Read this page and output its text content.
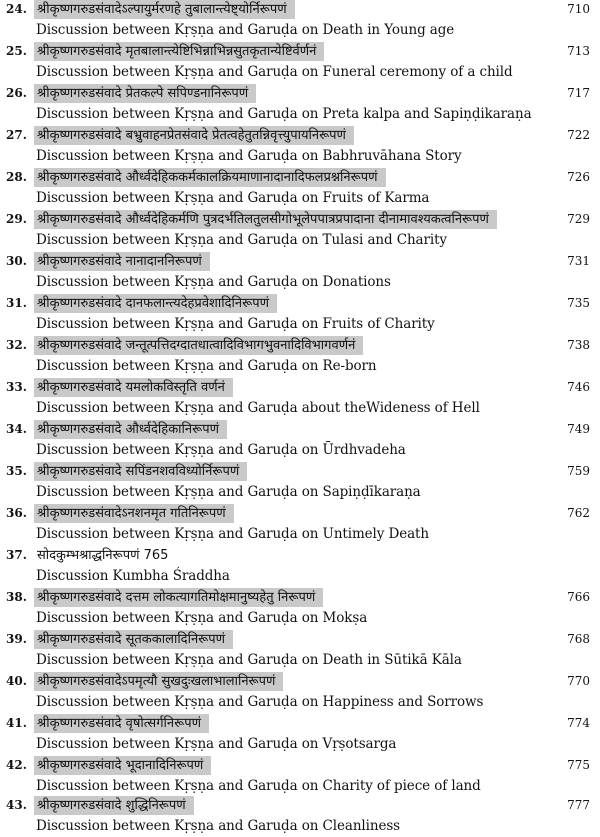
24. श्रीकृष्णगरुडसंवादेऽल्पायुर्मरणहे तुबालान्त्येष्ट्योर्निरूपणं	710
Discussion between Kṛṣṇa and Garuḍa on Death in Young age
25. श्रीकृष्णगरुडसंवादे मृतबालान्त्येष्टिभिन्नाभिन्नसुतकृतान्येष्टिर्वर्णनं	713
Discussion between Kṛṣṇa and Garuḍa on Funeral ceremony of a child
26. श्रीकृष्णगरुडसंवादे प्रेतकल्पे सपिण्डनानिरूपणं	717
Discussion between Kṛṣṇa and Garuḍa on Preta kalpa and Sapiṇḍikaraṇa
27. श्रीकृष्णगरुडसंवादे बभ्रुवाहनप्रेतसंवादे प्रेतत्वहेतुतन्निवृत्त्युपायनिरूपणं	722
Discussion between Kṛṣṇa and Garuḍa on Babhruvāhana Story
28. श्रीकृष्णगरुडसंवादे और्ध्वदेहिककर्मकालक्रियमाणानादानादिफलप्रश्ननिरूपणं	726
Discussion between Kṛṣṇa and Garuḍa on Fruits of Karma
29. श्रीकृष्णगरुडसंवादे और्ध्वदेहिकर्मणि पुत्रदर्भतिलतुलसीगोभूलेपपात्रप्रपादाना दीनामावश्यकत्वनिरूपणं	729
Discussion between Kṛṣṇa and Garuḍa on Tulasi and Charity
30. श्रीकृष्णगरुडसंवादे नानादाननिरूपणं	731
Discussion between Kṛṣṇa and Garuḍa on Donations
31. श्रीकृष्णगरुडसंवादे दानफलान्त्यदेहप्रवेशादिनिरूपणं	735
Discussion between Kṛṣṇa and Garuḍa on Fruits of Charity
32. श्रीकृष्णगरुडसंवादे जन्तूत्पत्तिदग्दातधात्वादिविभागभुवनादिविभागवर्णनं	738
Discussion between Kṛṣṇa and Garuḍa on Re-born
33. श्रीकृष्णगरुडसंवादे यमलोकविस्तृति वर्णनं	746
Discussion between Kṛṣṇa and Garuḍa about theWideness of Hell
34. श्रीकृष्णगरुडसंवादे और्ध्वदेहिकानिरूपणं	749
Discussion between Kṛṣṇa and Garuḍa on Ūrdhvadeha
35. श्रीकृष्णगरुडसंवादे सपिंडनशवविध्योर्निरूपणं	759
Discussion between Kṛṣṇa and Garuḍa on Sapiṇḍīkaraṇa
36. श्रीकृष्णगरुडसंवादेऽनशनमृत गतिनिरूपणं	762
Discussion between Kṛṣṇa and Garuḍa on Untimely Death
37. सोदकुम्भश्राद्धनिरूपणं 765
Discussion Kumbha Śraddha
38. श्रीकृष्णगरुडसंवादे दत्तम लोकत्यागतिमोक्षमानुष्यहेतु निरूपणं	766
Discussion between Kṛṣṇa and Garuḍa on Mokṣa
39. श्रीकृष्णगरुडसंवादे सूतककालादिनिरूपणं	768
Discussion between Kṛṣṇa and Garuḍa on Death in Sūtikā Kāla
40. श्रीकृष्णगरुडसंवादेऽपमृत्यौ सुखदुःखलाभालानिरूपणं	770
Discussion between Kṛṣṇa and Garuḍa on Happiness and Sorrows
41. श्रीकृष्णगरुडसंवादे वृषोत्सर्गनिरूपणं	774
Discussion between Kṛṣṇa and Garuḍa on Vṛṣotsarga
42. श्रीकृष्णगरुडसंवादे भूदानादिनिरूपणं	775
Discussion between Kṛṣṇa and Garuḍa on Charity of piece of land
43. श्रीकृष्णगरुडसंवादे शुद्धिनिरूपणं	777
Discussion between Kṛṣṇa and Garuḍa on Cleanliness
